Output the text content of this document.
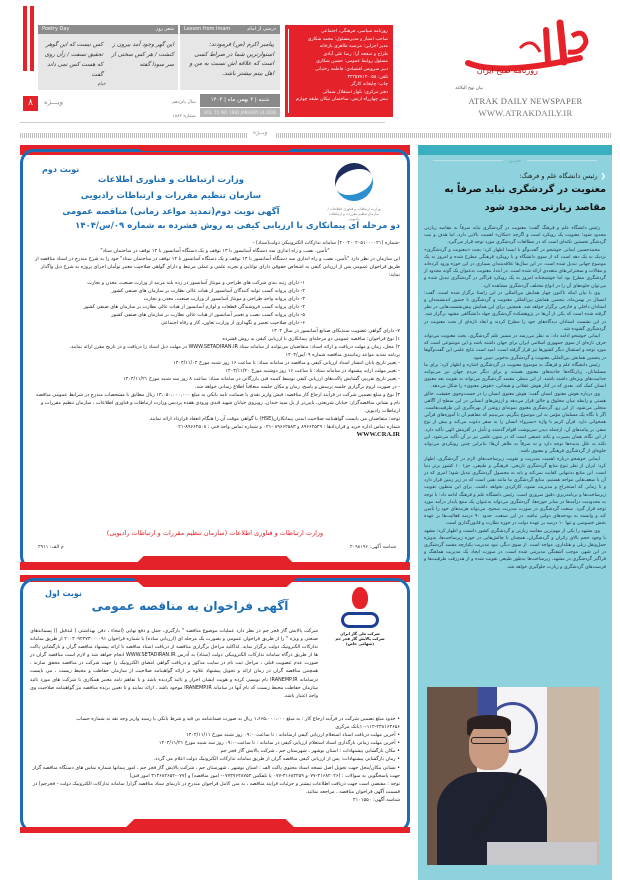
روزنامه صبح ایران
بیان نهج البلاغه
ATRAK DAILY NEWSPAPER
WWW.ATRAKDAILY.IR
روزنامه سیاسی، فرهنگی، اجتماعی
صاحب امتیاز و مدیرمسئول: محمد شکاری
مدیر اجرایی: مرضیه ظاهری بازخانه
طراح و صفحه آرا: رضا علی آبادی
مسئول روابط عمومی: حسین شکاری
دبیر سرویس اقتصادی: فاطمه رختیانی
تلفن: ۰۵۸-۳۲۲۵۷۷۱۲
چاپ: چاپخانه کارگر
دفتر مرکزی: بلوار استقلال شمالی
نبش چهارراه ارتش، ساختمان نیکان طبقه چهارم
Lesson from Imam	درسی از امام
پیامبر اکرم (ص) فرمودند: استوارترین شما در صراط کسی است که علاقه اش نسبت به من و اهل بیتم بیشتر باشد.
Poetry Day	شعر روز
این گهر وجود آمد بیرون ز کنشت / هر کس سخنی از سر سودا گفته
کس نیست که این گوهر تحقیق نسفت / زآن روی که هست کس نمی داند گفت
خیام
شنبه | ۴ بهمن ماه | ۱۴۰۴
VOL. 15 NO. 1882 JANUARY 24 2026
سال پانزدهم
شماره ۱۸۸۲
۸	ویـــژه
ویــژه
خبـــر
❮رئیس دانشگاه علم و فرهنگ:
معنویت در گردشگری نباید صرفاً به مقاصد زیارتی محدود شود

رئیس دانشگاه علم و فرهنگ گفت: معنویت در گردشگری نباید صرفاً به مقاصد زیارتی محدود شود؛ معنویت یک رویکرد است و اگرچه «مکان» اهمیت بالایی دارد، اما هدف و نیت گردشگر نخستین نکته‌ای است که در مطالعات گردشگری مورد توجه قرار می‌گیرد.

محمدحسین ایمانی خوشخو در گفت‌وگو با ایسنا اظهار کرد: بحث «معنویت و گردشگری» نزدیک به یک دهه است که از سوی دانشگاه و با رویکرد فرهنگی مطرح شده و امروز به یک موضوع جهانی تبدیل شده است. در این سال‌ها علاقه‌مندان بسیاری در این حوزه ورود کرده‌اند و مقالات و سخنرانی‌های متعددی ارائه شده است. در ابتدا، معنویت به‌عنوان یک گونه محدود از گردشگری مطرح بود اما خوشبختانه امروز به یک رویکرد فراگیر در گردشگری تبدیل شده و می‌توان جلوه‌های آن را در انواع مختلف گردشگری مشاهده کرد.

وی با بیان اینکه تاکنون چهار همایش بین‌المللی در این راستا برگزار شده است، گفت: امسال در بهمن‌ماه، پنجمین همایش بین‌المللی معنویت و گردشگری با حضور اندیشمندان و استادان داخلی و خارجی برگزار خواهد شد. همچنین برای این همایش پیش‌نشست‌هایی در نظر گرفته شده است که یکی از آن‌ها در پژوهشکده گردشگری جهاد دانشگاهی مشهد برگزار شد. در این نشست استادان دیدگاه‌های خود را مطرح کردند و ابعاد تازه‌ای از بحث معنویت در گردشگری گشوده شد.

ایمانی خوشخو ادامه داد: به نظر می‌رسد در مسیر علم گردشگری، بحث معنویت می‌تواند حرف تازه‌ای از سوی جمهوری اسلامی ایران برای جهان داشته باشد و این موضوعی است که مورد توجه و استقبال دیگر کشورها نیز قرار گرفته است. امید است نتایج علمی این گفت‌وگوها در پنجمین همایش بین‌المللی معنویت و گردشگری به‌خوبی تبیین شود.

رئیس دانشگاه علم و فرهنگ به موضوع معنویت در گردشگری اشاره و اظهار کرد: برای ما مسلمانان، زیارتگاه‌ها جاذبه‌های معنوی هستند و برای دیگر مردم جهان نیز می‌توانند جذابیت‌های ویژه‌ای داشته باشند. از این منظر، مقصد گردشگری می‌تواند به تقویت بعد معنوی انسان کمک کند. بعدی که در کنار هوش عقلانی و هیجانی، «هوش معنوی» را شکل می‌دهد.

وی درباره هوش معنوی انسان گفت: هوش معنوی انسان را در جست‌وجوی حقیقت، خالق هستی و رابطه میان مخلوق و خالق قرار می‌دهد و ارزش‌های انسانی در این سطح از آگاهی متجلی می‌شود. از این رو، گردشگری معنوی نمونه‌ای روشن از بهره‌گیری این ظرفیت‌هاست. اگر با نگاه یک مسلمان مؤمن به این موضوع بنگریم، می‌بینیم که مفاهیم آن با آموزه‌های قرآنی همخوانی دارد. قرآن کریم با واژه «سیروا» انسان را به سفر دعوت می‌کند و بیش از نوع سفر، بر پیامدهای آن، ازجمله دیدن سرنوشت اقوام گذشته و تأمل در آفرینش الهی تأکید دارد. از این نگاه، همان بصیرت و نکته عمیقی است که در متون علمی نیز بر آن تأکید می‌شود. این نکته به علل پدیده‌ها توجه دارد و نه صرفاً به ظاهر آن‌ها؛ بنابراین چنین رویکردی می‌تواند جلوه‌ای از گردشگری فرهنگی و معنوی باشد.

ایمانی خوشخو درباره اهمیت مدیریت و تقویت زیرساخت‌های لازم در گردشگری، اظهار کرد: ایران از نظر تنوع منابع گردشگری تاریخی، فرهنگی و طبیعی، جزء ۱۰ کشور برتر دنیا است. این منابع به‌تنهایی کفایت نمی‌کند و باید به محصول گردشگری تبدیل شود؛ امری که در آن با ضعف‌هایی مواجه هستیم. منابع گردشگری ما مانند نفتی است که در زیر زمین قرار دارد و تا زمانی که استخراج و مدیریت نشود، کارکردی نخواهد داشت. برای این منظور، تقویت زیرساخت‌ها و برنامه‌ریزی دقیق ضروری است. رئیس دانشگاه علم و فرهنگ ادامه داد: با توجه به محدودیت درآمدها در سایر حوزه‌ها، گردشگری می‌تواند به‌عنوان یک منبع پایدار درآمد مورد توجه قرار گیرد. صنعت گردشگری در صورت مدیریت صحیح، می‌تواند هزینه‌های خود را تأمین کند و وابسته به بودجه‌های دولتی نباشد. در این صنعت، حدود ۹۰ درصد فعالیت‌ها بر عهده بخش خصوصی و تنها ۱۰ درصد بر عهده دولت در حوزه نظارت و قانون‌گذاری است.

وی مشهد را یکی از مهم‌ترین مقاصد زیارتی و گردشگری کشور دانست و اظهار کرد: مشهد با وجود حجم بالای زائران و گردشگران، همچنان با چالش‌هایی در حوزه زیرساخت‌ها، به‌ویژه حمل‌ونقل ریلی و هتلداری، مواجه است. از سوی دیگر، نبود مدیریت یکپارچه مقصد گردشگری در این شهر، موجب آشفتگی مدیریتی شده است. در صورت ایجاد یک مدیریت هماهنگ و فراگیر گردشگری در مشهد، زیرساخت‌ها به‌طور طبیعی تقویت شده و از هدررفت ظرفیت‌ها و فرصت‌های گردشگری و زیارت جلوگیری خواهد شد.

نوبت دوم
وزارت ارتباطات و فناوری اطلاعات / سازمان تنظیم مقررات و ارتباطات رادیویی
وزارت ارتباطات و فناوری اطلاعات
سازمان تنظیم مقررات و ارتباطات رادیویی
آگهی نوبت دوم(تمدید مواعد زمانی) مناقصه عمومی
دو مرحله ای پیمانکاری با ارزیابی کیفی به روش فشرده به شماره ۰۹/س/۱۴۰۴
-شماره (۲۰۰۴۰۰۲۰۵۱۰۰۰۰۲۱) سامانه تدارکات الکترونیکی دولت(ستاد) -
"تأمین، نصب و راه اندازی سه دستگاه آسانسور با ۱۳ توقف و یک دستگاه آسانسور با ۱۴ توقف در ساختمان ستاد"
این سازمان در نظر دارد "تأمین، نصب و راه اندازی سه دستگاه آسانسور با ۱۳ توقف و یک دستگاه آسانسور با ۱۴ توقف در ساختمان ستاد" خود را به شرح مندرج در اسناد مناقصه از طریق فراخوان عمومی پس از ارزیابی کیفی به اشخاص حقوقی دارای توانایی و تجربه علمی و عملی مرتبط و دارای گواهی صلاحیت معتبر توأمان اجرای پروژه به شرح ذیل واگذار نماید:
۱- دارای رتبه بندی شرکت های طراحی و مونتاژ آسانسور در رده بلند مرتبه از وزارت صنعت، معدن و تجارت
۲- دارای پروانه کسب تولید کنندگان آسانسور از هیات عالی نظارت بر سازمان های صنفی کشور
۳- دارای پروانه واحد طراحی و مونتاژ آسانسور از وزارت صنعت، معدن و تجارت
۴- دارای پروانه کسب فروشندگی قطعات و لوازم آسانسور از هیات عالی نظارت بر سازمان های صنفی کشور
۵- دارای پروانه کسب نصب و تعمیر آسانسور از هیات عالی نظارت بر سازمان های صنفی کشور
۶- دارای صلاحیت تعمیر و نگهداری از وزارت تعاون، کار و رفاه اجتماعی
۷- دارای گواهی عضویت سندیکای صنایع آسانسور در سال ۱۴۰۴
۱) نوع فراخوان: مناقصه عمومی دو مرحله‌ای پیمانکاری با ارزیابی کیفی به روش فشرده
۲) محل، زمان و مهلت دریافت و ارائه اسناد: متقاضیان می‌توانند از سامانه ستاد WWW.SETADIRAN.IR در مهلت ذیل اسناد را دریافت و در تاریخ مقرر ارائه نمایند.
برنامه تمدید مواعد زمانبندی مناقصه شماره ۰۹/س/۱۴۰۴
- تغییر تاریخ پایان انتشار اسناد ارزیابی کیفی و مناقصه در سامانه ستاد: تا ساعت ۱۶ روز شنبه مورخ ۱۴۰۴/۱۱/۰۴
- تغییر مهلت ارایه پیشنهاد در سامانه ستاد: تا ساعت ۱۶ روز دوشنبه مورخ ۱۴۰۴/۱۱/۲۰
- تغییر تاریخ تقریبی گشایش پاکت‌های ارزیابی کیفی توسط کمیته فنی بازرگانی در سامانه ستاد: ساعت ۸ روز سه شنبه مورخ ۱۴۰۴/۱۱/۲۱
- در صورت لزوم برگزاری جلسه پرسش و پاسخ، زمان و مکان جلسه متعاقباً اطلاع رسانی خواهد شد.
۳) نوع و مبلغ تضمین شرکت در فرآیند ارجاع کار مناقصه: فیش واریز نقدی یا ضمانت نامه بانکی به مبلغ ۱۳،۰۵۰،۰۰۰،۰۰۰ ریال مطابق با مشخصات مندرج در شرایط عمومی مناقصه
نام و نشانی مناقصه‌گزار: خیابان شریعتی، پایین‌تر از پل سید خندان، روبروی خیابان شهید قندی ورودی هفده پردیس وزارت ارتباطات و فناوری اطلاعات ، سازمان تنظیم مقررات و ارتباطات رادیویی
توجه: متقاضیان می بایست گواهینامه صلاحیت ایمنی پیمانکاران(HSE) یا گواهی موقت آن را هنگام انعقاد قرارداد ارائه نمایند.
شماره تماس اداره خرید و قراردادها : ۸۹۶۶۲۵۲۹ و ۸۹۶۶۲۵۸۳ -۰۲۱ و شماره تماس واحد فنی : ۸۹۶۶۲۵۰۸-۰۲۱
WWW.CRA.IR
وزارت ارتباطات و فناوری اطلاعات (سازمان تنظیم مقررات و ارتباطات رادیویی)
شناسه آگهی: ۲۰۹۸۱۹۶
م الف: ۳۹۱۱
نوبت اول
شرکت ملی گاز ایران
شرکت پالایش گاز فجر جم
(سهامی خاص)
آگهی فراخوان به مناقصه عمومی
شرکت پالایش گاز فجر جم در نظر دارد عملیات موضوع مناقصه " بارگیری، حمل و دفع نهایی (امحاء ، دفن بهداشتی ( لندفیل )) پسماندهای صنعتی و ویژه " را از طریق فراخوان عمومی و بصورت یک مرحله ای (ارزیابی ساده) با شماره فراخوان ۲۰۰۴۰۹۲۲۷۳۰۰۰۰۹۱ از طریق سامانه تدارکات الکترونیک دولت برگزار نماید. لذاکلیه مراحل برگزاری مناقصه از دریافت اسناد مناقصه تا ارائه پیشنهاد مناقصه گران و بازگشایی پاکت ها از طریق درگاه سامانه تدارکات الکترونیکی دولت (ستاد) به آدرس WWW.SETADIRAN.IR انجام خواهد شد و لازم است مناقصه گران در صورت عدم عضویت قبلی ، مراحل ثبت نام در سایت مذکور و دریافت گواهی امضای الکترونیک را جهت شرکت در مناقصه محقق سازند . همچنین مناقصه گران در زمان ارائه و تحویل پیشنهاد علاوه بر ارائه گواهینامه صلاحیت از سازمان حفاظت و محیط زیست ، می بایست درسامانه IRANEMP.IR نام نویسی کرده و هویت ایشان احراز و تائید گردیده باشد و یا تفاهم نامه معتبر همکاری با شرکت های مورد تائید سازمان حفاظت محیط زیست که نام آنها در سامانه IRANEMP.IR موجود باشد ، ارائه نمایند و تا تعیین برنده مناقصه نیز گواهینامه صلاحیت وی واجد اعتبار باشد.
• حدود مبلغ تضمین شرکت در فرآیند ارجاع کار : به مبلغ ۱،۶۶۵،۰۰۰،۰۰۰ ریال به صورت ضمانتنامه بی قید و شرط بانکی یا رسید واریز وجه نقد به شماره حساب ۴۳۸۱۶۴۶۵۶-۱۱۲-۱۰بانک مرکزی
• آخرین مهلت دریافت اسناد استعلام ارزیابی کیفی ازسامانه : تا ساعت۰۹:۰۰ روز شنبه مورخ ۱۴۰۴/۱۱/۱۱
• آخرین مهلت زمانی بارگذاری اسناد استعلام ارزیابی کیفی در سامانه : تا ساعت۰۹:۰۰ روز سه شنبه مورخ ۱۴۰۴/۱۱/۲۱
• مکان بازگشایی پیشنهادات : استان بوشهر ، شهرستان جم ، شرکت پالایش گاز فجر جم
• زمان بازگشایی پیشنهادات: پس از ارزیابی کیفی مناقصه گران از طریق سامانه تدارکات الکترونیک دولت اعلام می گردد.
• نشانی مکان/محل جهت تحویل اصل نسخه اسناد محتوی پاکت الف : استان بوشهر ، شهرستان جم ، شرکت پالایش گاز فجر جم ، امور پیمانها شماره تماس های دستگاه مناقصه گزار جهت پاسخگویی به سوالات : (۳۱۶۸۲۰۲۶-۰۷۷و ۳۱۶۸۲۲۵۹-۰۷۷ یا تلفکس ۰۷۷۳۷۶۴۸۷۵۴- امور مناقصه) و (۰۷۷-۳۱۳۶۸۲۶۵۲ امور فنی)
توجه : مقتضی است جهت دریافت اطلاعات بیشتر و جزئیات فرایند مناقصه ، به متن کامل فراخوان مندرج در تارنمای ستاد مناقصه گزار( سامانه تدارکات الکترونیک دولت - فجرجم) در قسمت آگهی فراخوان مناقصه ، مراجعه نمائید.
شناسه آگهی: ۲۱۰۱۵۵۰
